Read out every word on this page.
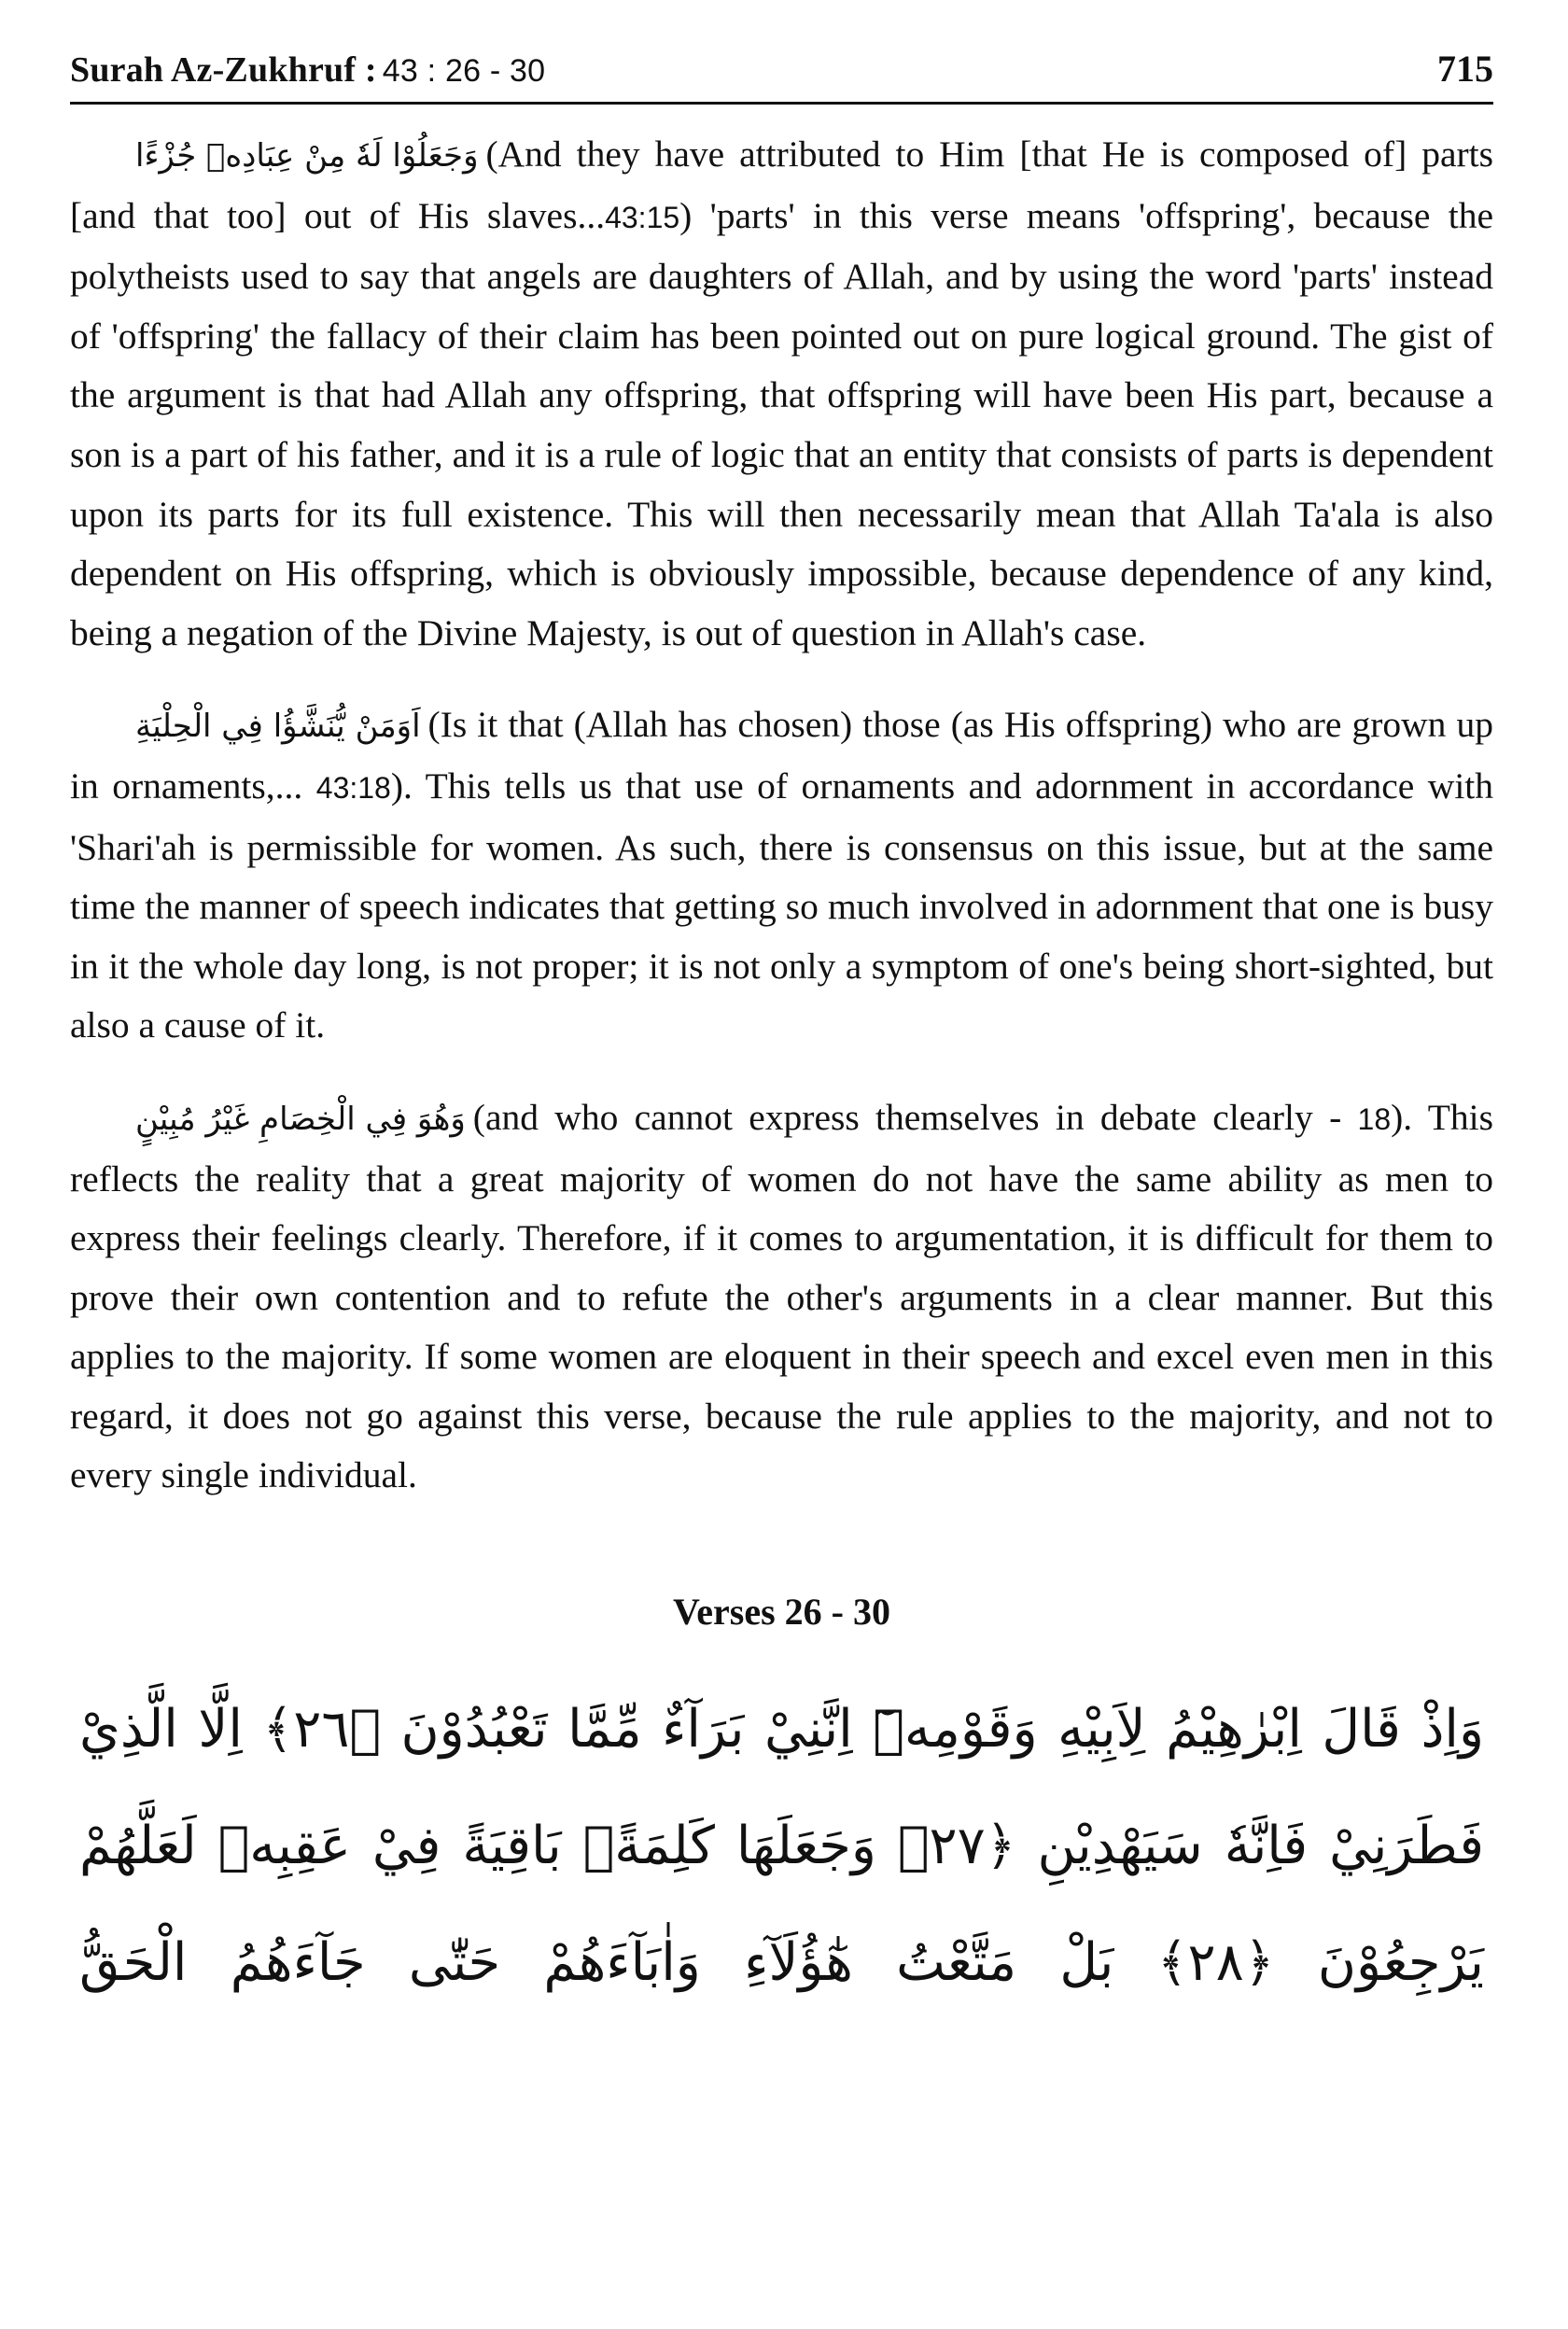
Surah Az-Zukhruf : 43 : 26 - 30	715

وَجَعَلُوْا لَهٗ مِنْ عِبَادِهٖ جُزْءًا (And they have attributed to Him [that He is composed of] parts [and that too] out of His slaves...43:15) 'parts' in this verse means 'offspring', because the polytheists used to say that angels are daughters of Allah, and by using the word 'parts' instead of 'offspring' the fallacy of their claim has been pointed out on pure logical ground. The gist of the argument is that had Allah any offspring, that offspring will have been His part, because a son is a part of his father, and it is a rule of logic that an entity that consists of parts is dependent upon its parts for its full existence. This will then necessarily mean that Allah Ta'ala is also dependent on His offspring, which is obviously impossible, because dependence of any kind, being a negation of the Divine Majesty, is out of question in Allah's case.

اَوَمَنْ يُّنَشَّؤُا فِي الْحِلْيَةِ (Is it that (Allah has chosen) those (as His offspring) who are grown up in ornaments,... 43:18). This tells us that use of ornaments and adornment in accordance with 'Shari'ah is permissible for women. As such, there is consensus on this issue, but at the same time the manner of speech indicates that getting so much involved in adornment that one is busy in it the whole day long, is not proper; it is not only a symptom of one's being short-sighted, but also a cause of it.

وَهُوَ فِي الْخِصَامِ غَيْرُ مُبِيْنٍ (and who cannot express themselves in debate clearly - 18). This reflects the reality that a great majority of women do not have the same ability as men to express their feelings clearly. Therefore, if it comes to argumentation, it is difficult for them to prove their own contention and to refute the other's arguments in a clear manner. But this applies to the majority. If some women are eloquent in their speech and excel even men in this regard, it does not go against this verse, because the rule applies to the majority, and not to every single individual.

Verses 26 - 30
وَاِذْ قَالَ اِبْرٰهِيْمُ لِاَبِيْهِ وَقَوْمِهٖٓ اِنَّنِيْ بَرَآءٌ مِّمَّا تَعْبُدُوْنَ ﴿٢٦﴾ اِلَّا الَّذِيْ
فَطَرَنِيْ فَاِنَّهٗ سَيَهْدِيْنِ ﴿٢٧﴾ وَجَعَلَهَا كَلِمَةًۢ بَاقِيَةً فِيْ عَقِبِهٖ لَعَلَّهُمْ
يَرْجِعُوْنَ ﴿٢٨﴾ بَلْ مَتَّعْتُ هٰٓؤُلَآءِ وَاٰبَآءَهُمْ حَتّٰى جَآءَهُمُ الْحَقُّ
